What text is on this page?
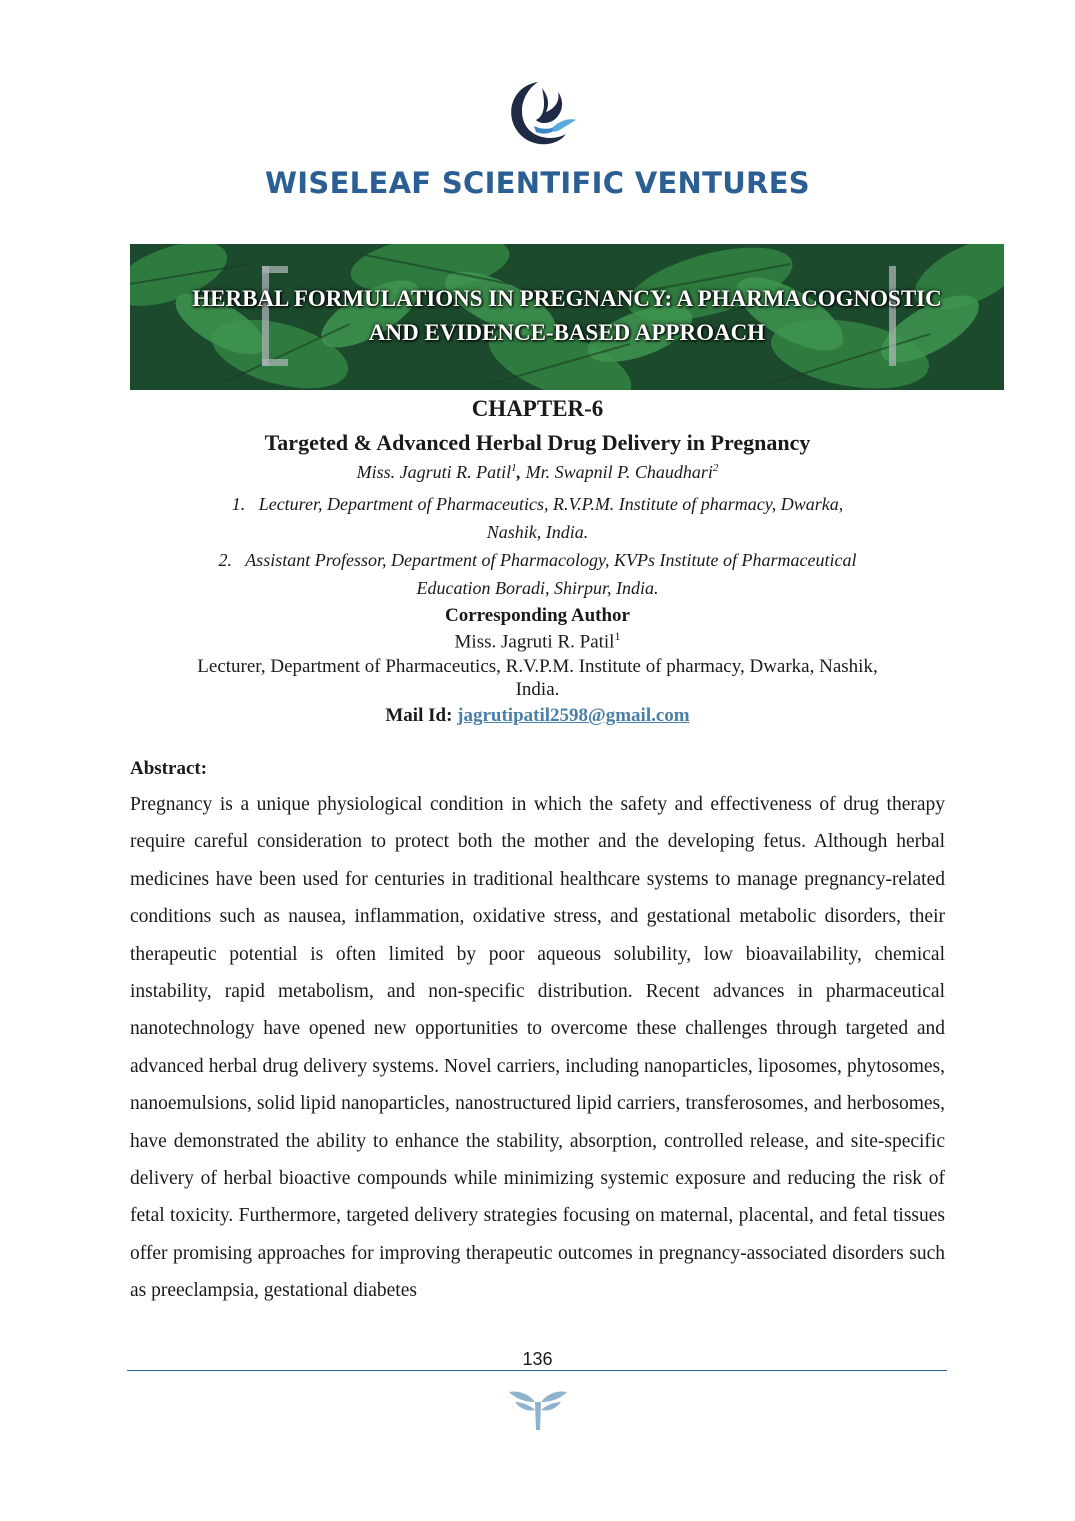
WISELEAF SCIENTIFIC VENTURES
HERBAL FORMULATIONS IN PREGNANCY: A PHARMACOGNOSTIC
AND EVIDENCE-BASED APPROACH
CHAPTER-6
Targeted & Advanced Herbal Drug Delivery in Pregnancy
Miss. Jagruti R. Patil$^1$, Mr. Swapnil P. Chaudhari$^2$
1.   Lecturer, Department of Pharmaceutics, R.V.P.M. Institute of pharmacy, Dwarka,
Nashik, India.
2.   Assistant Professor, Department of Pharmacology, KVPs Institute of Pharmaceutical
Education Boradi, Shirpur, India.
Corresponding Author
Miss. Jagruti R. Patil$^1$
Lecturer, Department of Pharmaceutics, R.V.P.M. Institute of pharmacy, Dwarka, Nashik,
India.
Mail Id: jagrutipatil2598@gmail.com
Abstract:

Pregnancy is a unique physiological condition in which the safety and effectiveness of drug therapy require careful consideration to protect both the mother and the developing fetus. Although herbal medicines have been used for centuries in traditional healthcare systems to manage pregnancy-related conditions such as nausea, inflammation, oxidative stress, and gestational metabolic disorders, their therapeutic potential is often limited by poor aqueous solubility, low bioavailability, chemical instability, rapid metabolism, and non-specific distribution. Recent advances in pharmaceutical nanotechnology have opened new opportunities to overcome these challenges through targeted and advanced herbal drug delivery systems. Novel carriers, including nanoparticles, liposomes, phytosomes, nanoemulsions, solid lipid nanoparticles, nanostructured lipid carriers, transferosomes, and herbosomes, have demonstrated the ability to enhance the stability, absorption, controlled release, and site-specific delivery of herbal bioactive compounds while minimizing systemic exposure and reducing the risk of fetal toxicity. Furthermore, targeted delivery strategies focusing on maternal, placental, and fetal tissues offer promising approaches for improving therapeutic outcomes in pregnancy-associated disorders such as preeclampsia, gestational diabetes

136
